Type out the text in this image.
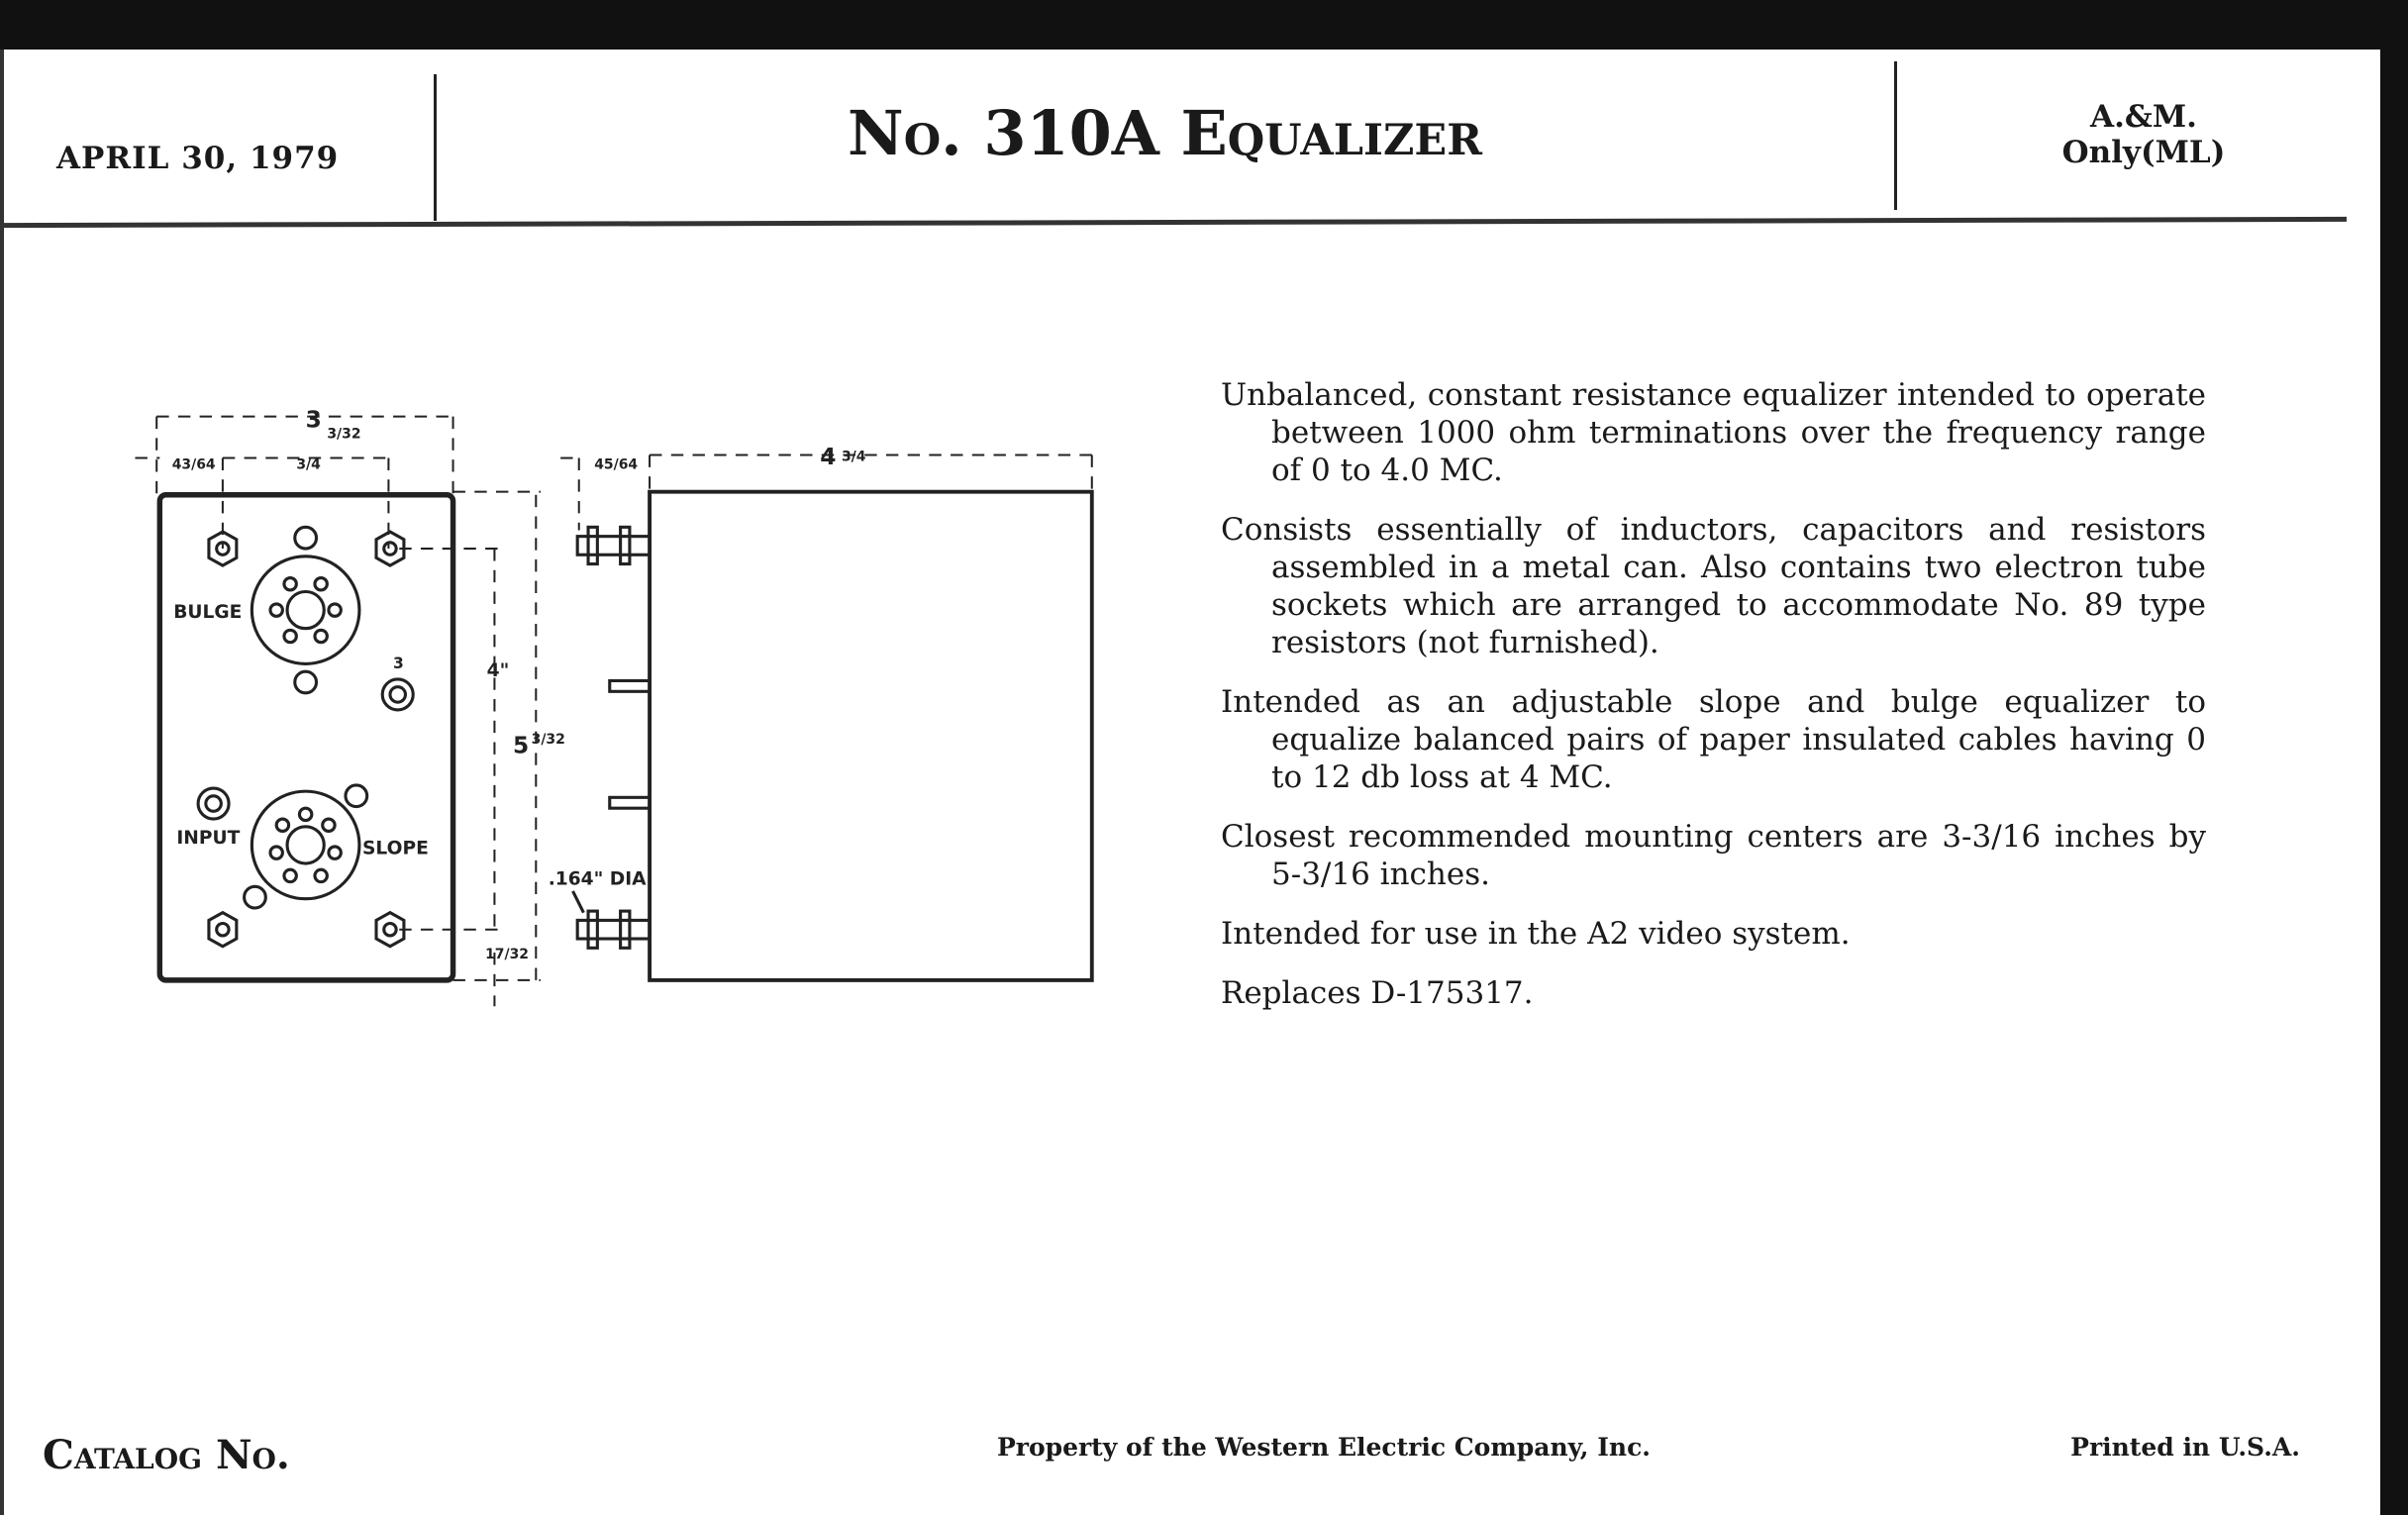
APRIL 30, 1979	No. 310A Equalizer	A.&M.
Only(ML)
3
3/32
43/64	3/4	45/64	4 3/4
4"
5 3/32
17/32
.164" DIA.
BULGE
SLOPE
INPUT
3

Unbalanced, constant resistance equalizer intended to operate between 1000 ohm terminations over the frequency range of 0 to 4.0 MC.

Consists essentially of inductors, capacitors and resistors assembled in a metal can. Also contains two electron tube sockets which are arranged to accommodate No. 89 type resistors (not furnished).

Intended as an adjustable slope and bulge equalizer to equalize balanced pairs of paper insulated cables having 0 to 12 db loss at 4 MC.

Closest recommended mounting centers are 3-3/16 inches by 5-3/16 inches.

Intended for use in the A2 video system.

Replaces D-175317.

Catalog No.	Property of the Western Electric Company, Inc.	Printed in U.S.A.
